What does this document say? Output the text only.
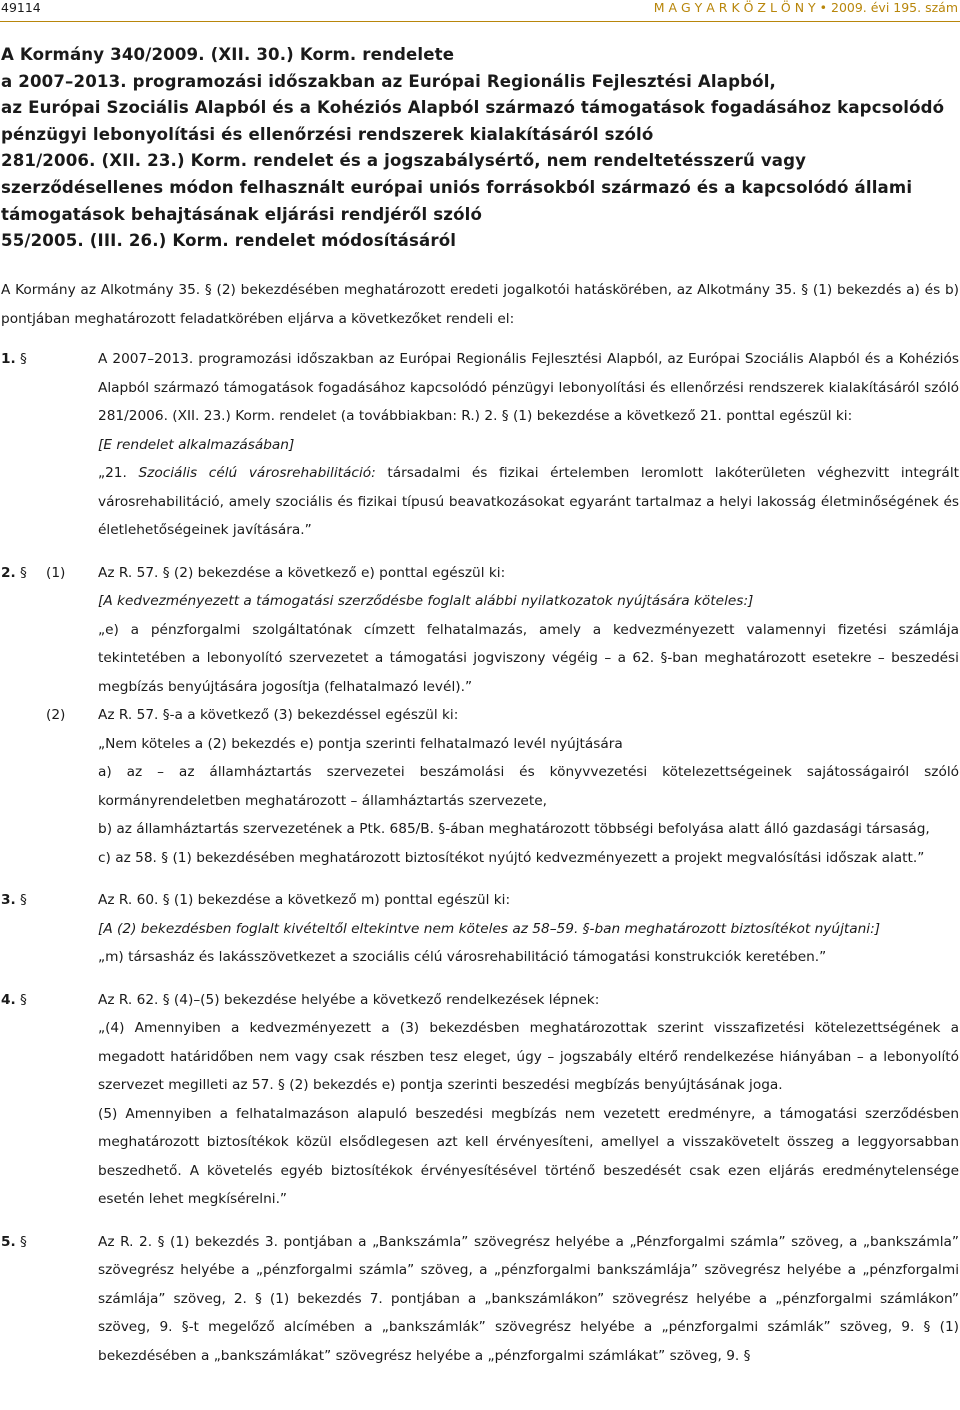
49114	M A G Y A R K Ö Z L Ö N Y • 2009. évi 195. szám
A Kormány 340/2009. (XII. 30.) Korm. rendelete
a 2007–2013. programozási időszakban az Európai Regionális Fejlesztési Alapból,
az Európai Szociális Alapból és a Kohéziós Alapból származó támogatások fogadásához kapcsolódó
pénzügyi lebonyolítási és ellenőrzési rendszerek kialakításáról szóló
281/2006. (XII. 23.) Korm. rendelet és a jogszabálysértő, nem rendeltetésszerű vagy
szerződésellenes módon felhasznált európai uniós forrásokból származó és a kapcsolódó állami
támogatások behajtásának eljárási rendjéről szóló
55/2005. (III. 26.) Korm. rendelet módosításáról

A Kormány az Alkotmány 35. § (2) bekezdésében meghatározott eredeti jogalkotói hatáskörében, az Alkotmány 35. § (1) bekezdés a) és b) pontjában meghatározott feladatkörében eljárva a következőket rendeli el:

1. §	A 2007–2013. programozási időszakban az Európai Regionális Fejlesztési Alapból, az Európai Szociális Alapból és a Kohéziós Alapból származó támogatások fogadásához kapcsolódó pénzügyi lebonyolítási és ellenőrzési rendszerek kialakításáról szóló 281/2006. (XII. 23.) Korm. rendelet (a továbbiakban: R.) 2. § (1) bekezdése a következő 21. ponttal egészül ki:
[E rendelet alkalmazásában]
„21. Szociális célú városrehabilitáció: társadalmi és fizikai értelemben leromlott lakóterületen véghezvitt integrált városrehabilitáció, amely szociális és fizikai típusú beavatkozásokat egyaránt tartalmaz a helyi lakosság életminőségének és életlehetőségeinek javítására.”
2. § (1) Az R. 57. § (2) bekezdése a következő e) ponttal egészül ki:
[A kedvezményezett a támogatási szerződésbe foglalt alábbi nyilatkozatok nyújtására köteles:]
„e) a pénzforgalmi szolgáltatónak címzett felhatalmazás, amely a kedvezményezett valamennyi fizetési számlája tekintetében a lebonyolító szervezetet a támogatási jogviszony végéig – a 62. §-ban meghatározott esetekre – beszedési megbízás benyújtására jogosítja (felhatalmazó levél).”
(2) Az R. 57. §-a a következő (3) bekezdéssel egészül ki:
„Nem köteles a (2) bekezdés e) pontja szerinti felhatalmazó levél nyújtására
a) az – az államháztartás szervezetei beszámolási és könyvvezetési kötelezettségeinek sajátosságairól szóló kormányrendeletben meghatározott – államháztartás szervezete,
b) az államháztartás szervezetének a Ptk. 685/B. §-ában meghatározott többségi befolyása alatt álló gazdasági társaság,
c) az 58. § (1) bekezdésében meghatározott biztosítékot nyújtó kedvezményezett a projekt megvalósítási időszak alatt.”
3. §	Az R. 60. § (1) bekezdése a következő m) ponttal egészül ki:
[A (2) bekezdésben foglalt kivételtől eltekintve nem köteles az 58–59. §-ban meghatározott biztosítékot nyújtani:]
„m) társasház és lakásszövetkezet a szociális célú városrehabilitáció támogatási konstrukciók keretében.”
4. §	Az R. 62. § (4)–(5) bekezdése helyébe a következő rendelkezések lépnek:
„(4) Amennyiben a kedvezményezett a (3) bekezdésben meghatározottak szerint visszafizetési kötelezettségének a megadott határidőben nem vagy csak részben tesz eleget, úgy – jogszabály eltérő rendelkezése hiányában – a lebonyolító szervezet megilleti az 57. § (2) bekezdés e) pontja szerinti beszedési megbízás benyújtásának joga.
(5) Amennyiben a felhatalmazáson alapuló beszedési megbízás nem vezetett eredményre, a támogatási szerződésben meghatározott biztosítékok közül elsődlegesen azt kell érvényesíteni, amellyel a visszakövetelt összeg a leggyorsabban beszedhető. A követelés egyéb biztosítékok érvényesítésével történő beszedését csak ezen eljárás eredménytelensége esetén lehet megkísérelni.”
5. §	Az R. 2. § (1) bekezdés 3. pontjában a „Bankszámla” szövegrész helyébe a „Pénzforgalmi számla” szöveg, a „bankszámla” szövegrész helyébe a „pénzforgalmi számla” szöveg, a „pénzforgalmi bankszámlája” szövegrész helyébe a „pénzforgalmi számlája” szöveg, 2. § (1) bekezdés 7. pontjában a „bankszámlákon” szövegrész helyébe a „pénzforgalmi számlákon” szöveg, 9. §-t megelőző alcímében a „bankszámlák” szövegrész helyébe a „pénzforgalmi számlák” szöveg, 9. § (1) bekezdésében a „bankszámlákat” szövegrész helyébe a „pénzforgalmi számlákat” szöveg, 9. §
